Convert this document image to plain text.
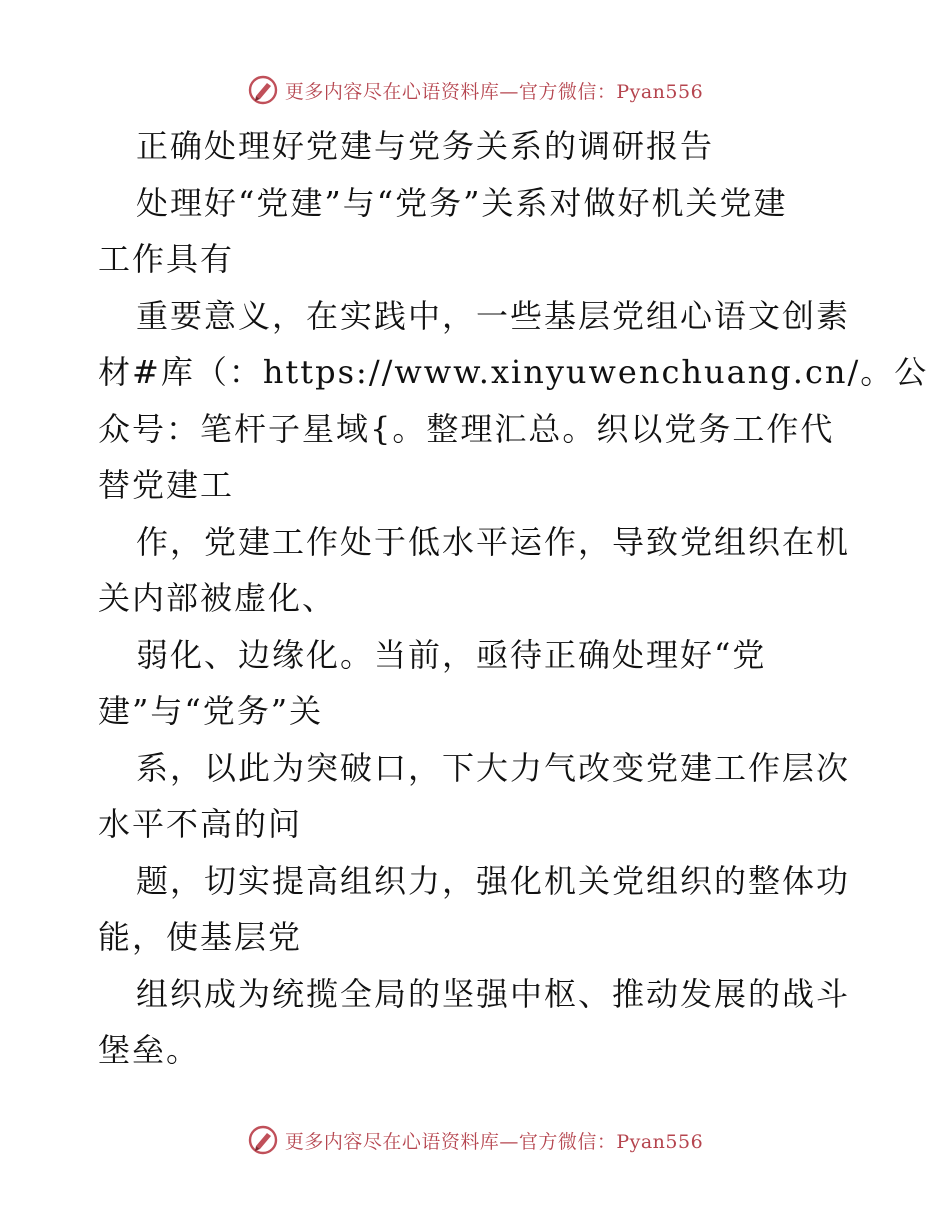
更多内容尽在心语资料库—官方微信：Pyan556
正确处理好党建与党务关系的调研报告
处理好“党建”与“党务”关系对做好机关党建
工作具有
重要意义，在实践中，一些基层党组心语文创素
材#库（：https://www.xinyuwenchuang.cn/。公
众号：笔杆子星域{。整理汇总。织以党务工作代
替党建工
作，党建工作处于低水平运作，导致党组织在机
关内部被虚化、
弱化、边缘化。当前，亟待正确处理好“党
建”与“党务”关
系，以此为突破口，下大力气改变党建工作层次
水平不高的问
题，切实提高组织力，强化机关党组织的整体功
能，使基层党
组织成为统揽全局的坚强中枢、推动发展的战斗
堡垒。
更多内容尽在心语资料库—官方微信：Pyan556
